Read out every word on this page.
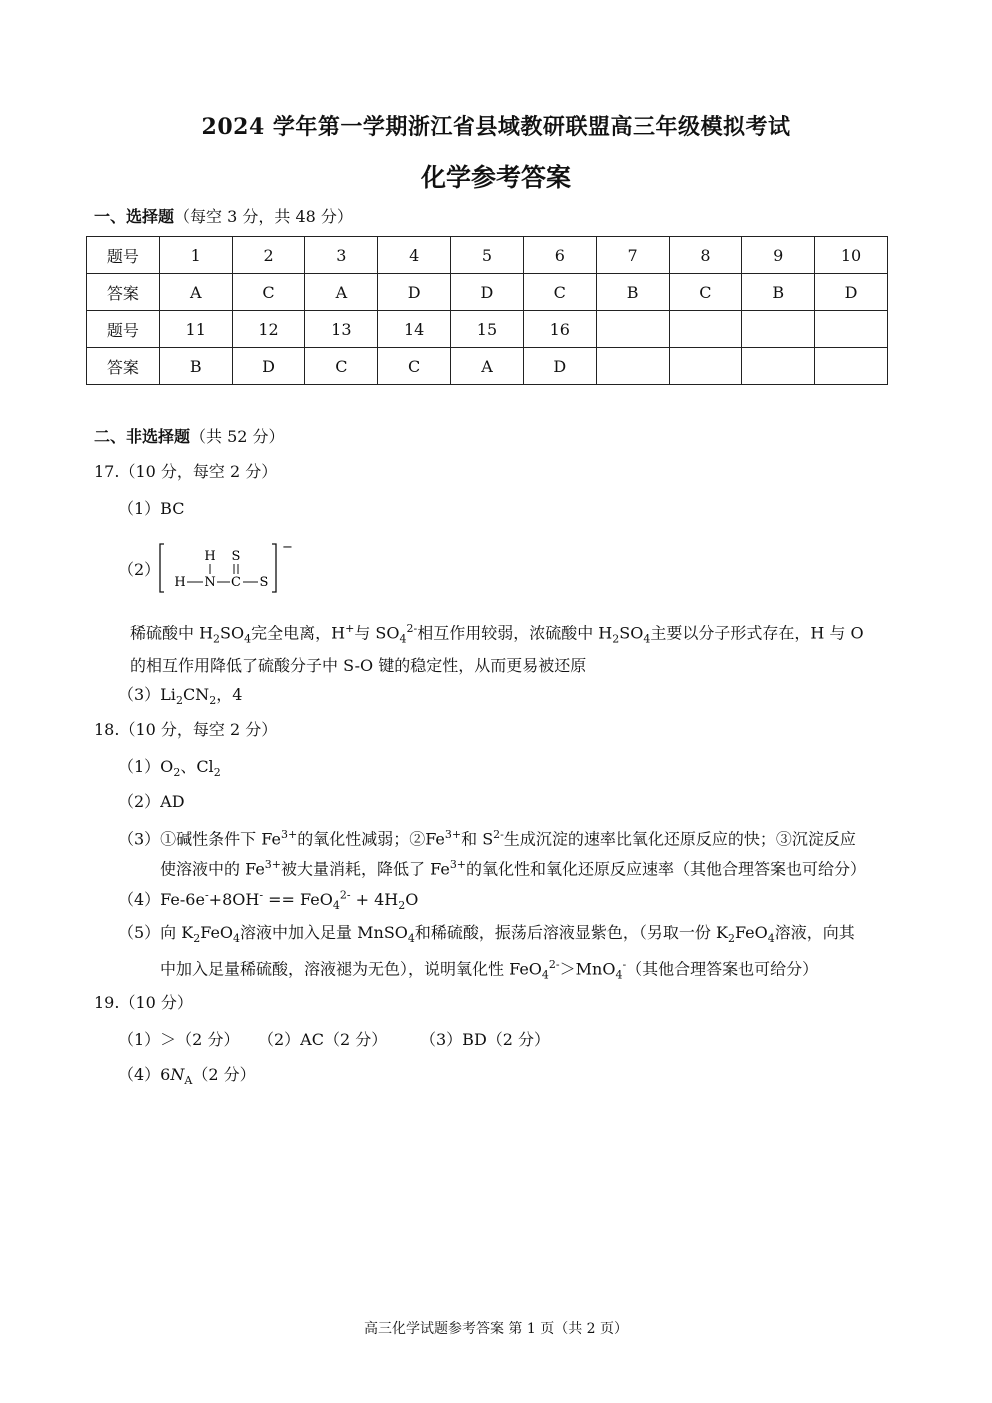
2024 学年第一学期浙江省县域教研联盟高三年级模拟考试
化学参考答案
一、选择题（每空 3 分，共 48 分）
题号	1	2	3	4	5	6	7	8	9	10
答案	A	C	A	D	D	C	B	C	B	D
题号	11	12	13	14	15	16				
答案	B	D	C	C	A	D				
二、非选择题（共 52 分）
17.（10 分，每空 2 分）
（1）BC
（2）
−
H S
H N C S
稀硫酸中 $H_2SO_4$完全电离，H+与 $SO_4^{2-}$相互作用较弱，浓硫酸中 $H_2SO_4$主要以分子形式存在，H 与 O
的相互作用降低了硫酸分子中 S-O 键的稳定性，从而更易被还原
$(3)Li_2CN_2$，4
18.（10 分，每空 2 分）
$(1)O_2$、$Cl_2$
（2）AD
（3）①碱性条件下 $Fe^{3+}$的氧化性减弱；$②Fe^{3+}$和 $S^{2-}$生成沉淀的速率比氧化还原反应的快；③沉淀反应
使溶液中的 $Fe^{3+}$被大量消耗，降低了 $Fe^{3+}$的氧化性和氧化还原反应速率（其他合理答案也可给分）
$(4)Fe-6e^-+8OH^- == FeO_4^{2-} + 4H_2O$
（5）向 $K_2FeO_4$溶液中加入足量 MnSO$_4$和稀硫酸，振荡后溶液显紫色，（另取一份 $K_2FeO_4$溶液，向其
中加入足量稀硫酸，溶液褪为无色），说明氧化性 FeO$_4^{2-}$＞MnO$_4$-（其他合理答案也可给分）
19.（10 分）
（1）＞（2 分） （2）AC（2 分） （3）BD（2 分）
$(4)6N_A(2$ 分）
高三化学试题参考答案 第 1 页（共 2 页）
